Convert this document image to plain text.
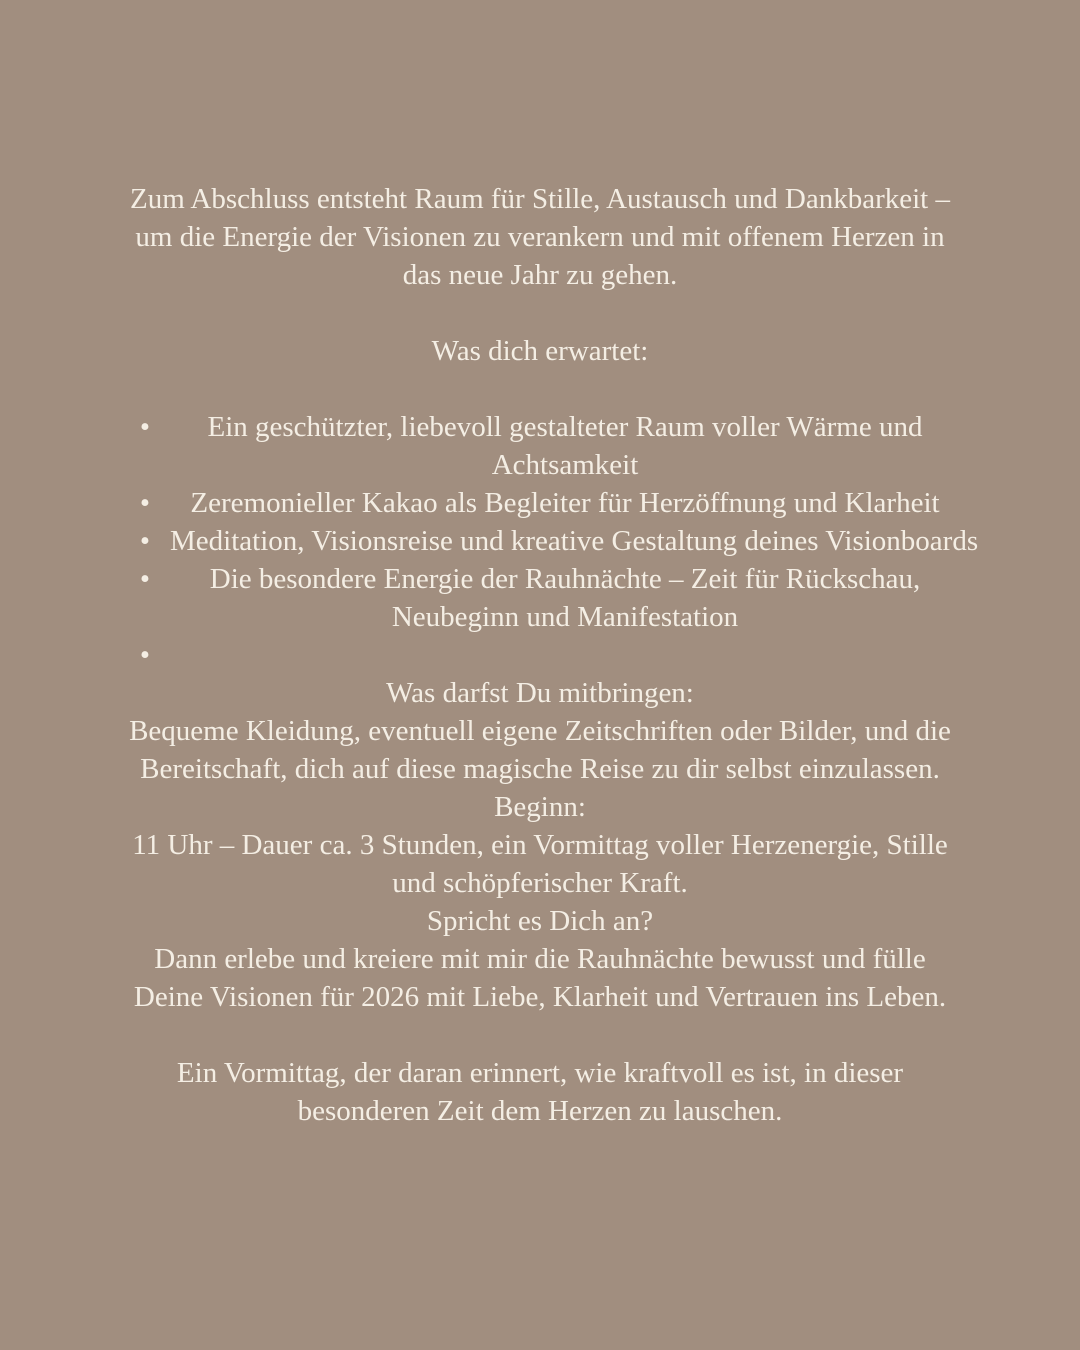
Zum Abschluss entsteht Raum für Stille, Austausch und Dankbarkeit –
um die Energie der Visionen zu verankern und mit offenem Herzen in
das neue Jahr zu gehen.
Was dich erwartet:
•	Ein geschützter, liebevoll gestalteter Raum voller Wärme und
Achtsamkeit
•	Zeremonieller Kakao als Begleiter für Herzöffnung und Klarheit
• Meditation, Visionsreise und kreative Gestaltung deines Visionboards
•	Die besondere Energie der Rauhnächte – Zeit für Rückschau,
Neubeginn und Manifestation
•
Was darfst Du mitbringen:
Bequeme Kleidung, eventuell eigene Zeitschriften oder Bilder, und die
Bereitschaft, dich auf diese magische Reise zu dir selbst einzulassen.
Beginn:
11 Uhr – Dauer ca. 3 Stunden, ein Vormittag voller Herzenergie, Stille
und schöpferischer Kraft.
Spricht es Dich an?
Dann erlebe und kreiere mit mir die Rauhnächte bewusst und fülle
Deine Visionen für 2026 mit Liebe, Klarheit und Vertrauen ins Leben.
Ein Vormittag, der daran erinnert, wie kraftvoll es ist, in dieser
besonderen Zeit dem Herzen zu lauschen.
